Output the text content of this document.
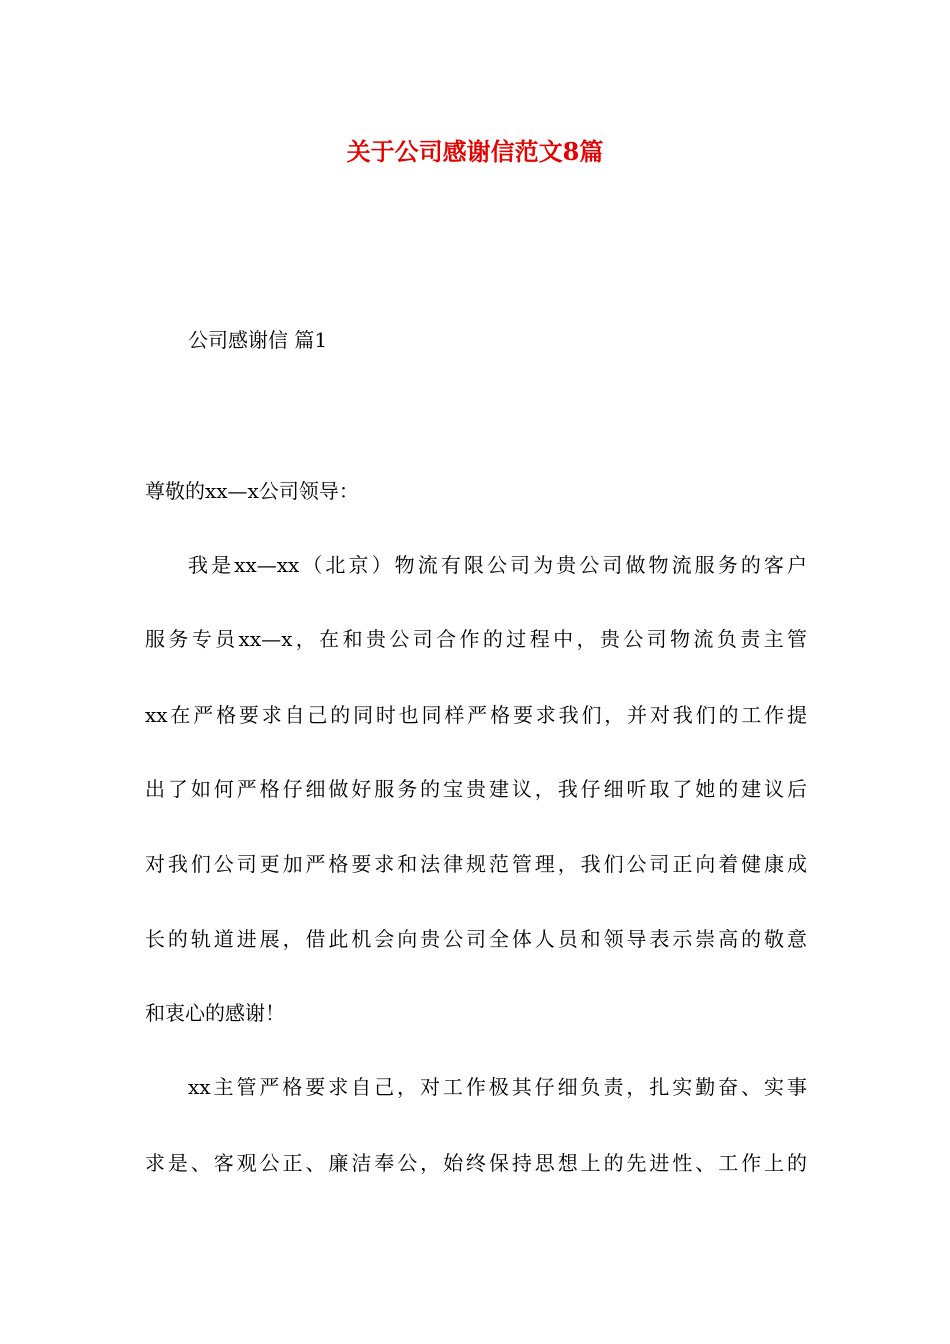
关于公司感谢信范文8篇
公司感谢信 篇1
尊敬的xx—x公司领导：
我是xx—xx（北京）物流有限公司为贵公司做物流服务的客户
服务专员xx—x，在和贵公司合作的过程中，贵公司物流负责主管
xx在严格要求自己的同时也同样严格要求我们，并对我们的工作提
出了如何严格仔细做好服务的宝贵建议，我仔细听取了她的建议后
对我们公司更加严格要求和法律规范管理，我们公司正向着健康成
长的轨道进展，借此机会向贵公司全体人员和领导表示崇高的敬意
和衷心的感谢！
xx主管严格要求自己，对工作极其仔细负责，扎实勤奋、实事
求是、客观公正、廉洁奉公，始终保持思想上的先进性、工作上的
